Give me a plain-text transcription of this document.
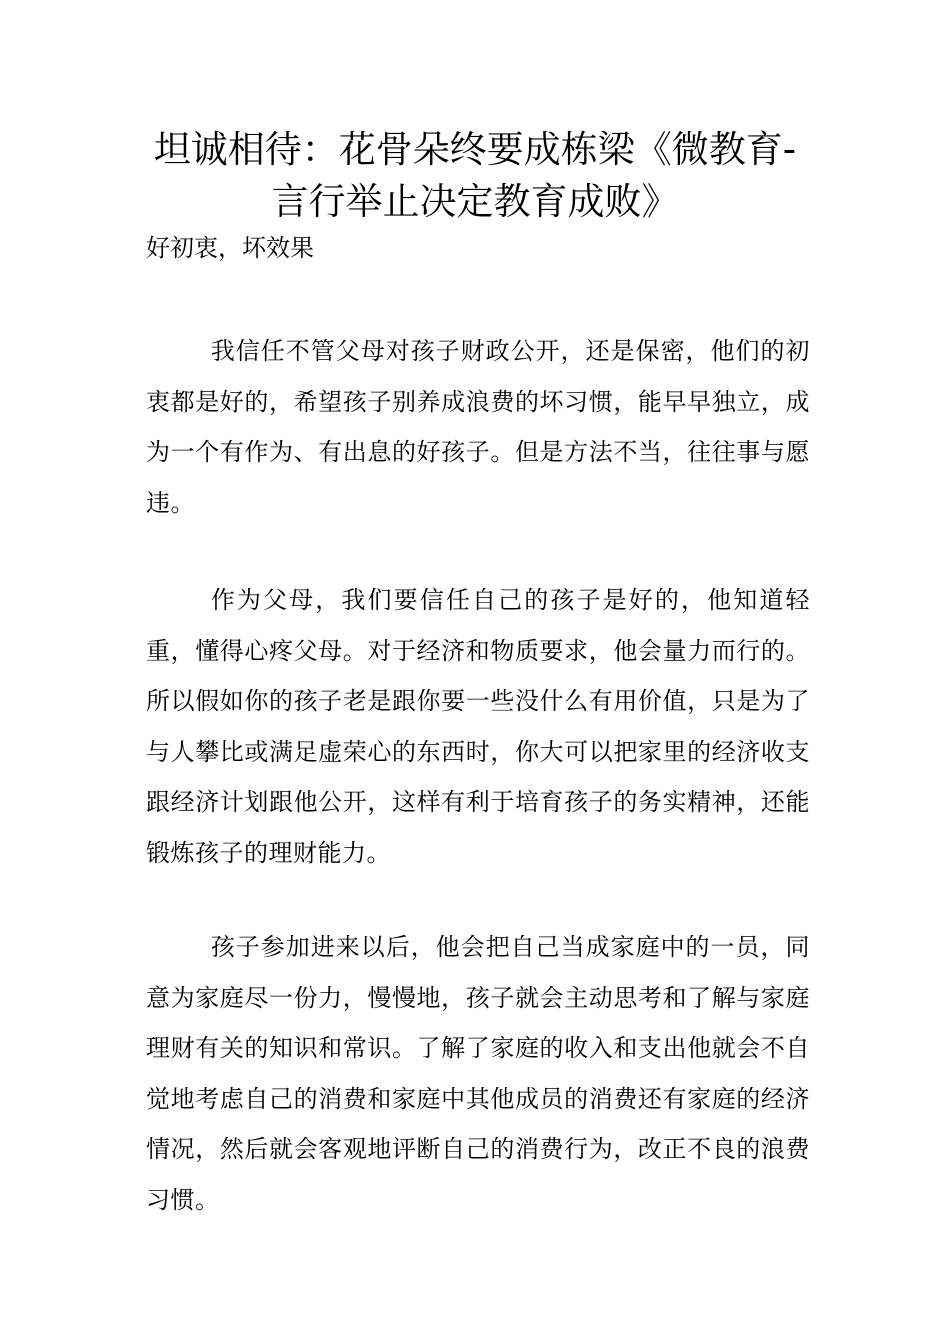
坦诚相待：花骨朵终要成栋梁《微教育-言行举止决定教育成败》

好初衷，坏效果

我信任不管父母对孩子财政公开，还是保密，他们的初衷都是好的，希望孩子别养成浪费的坏习惯，能早早独立，成为一个有作为、有出息的好孩子。但是方法不当，往往事与愿违。

作为父母，我们要信任自己的孩子是好的，他知道轻重，懂得心疼父母。对于经济和物质要求，他会量力而行的。所以假如你的孩子老是跟你要一些没什么有用价值，只是为了与人攀比或满足虚荣心的东西时，你大可以把家里的经济收支跟经济计划跟他公开，这样有利于培育孩子的务实精神，还能锻炼孩子的理财能力。

孩子参加进来以后，他会把自己当成家庭中的一员，同意为家庭尽一份力，慢慢地，孩子就会主动思考和了解与家庭理财有关的知识和常识。了解了家庭的收入和支出他就会不自觉地考虑自己的消费和家庭中其他成员的消费还有家庭的经济情况，然后就会客观地评断自己的消费行为，改正不良的浪费习惯。
